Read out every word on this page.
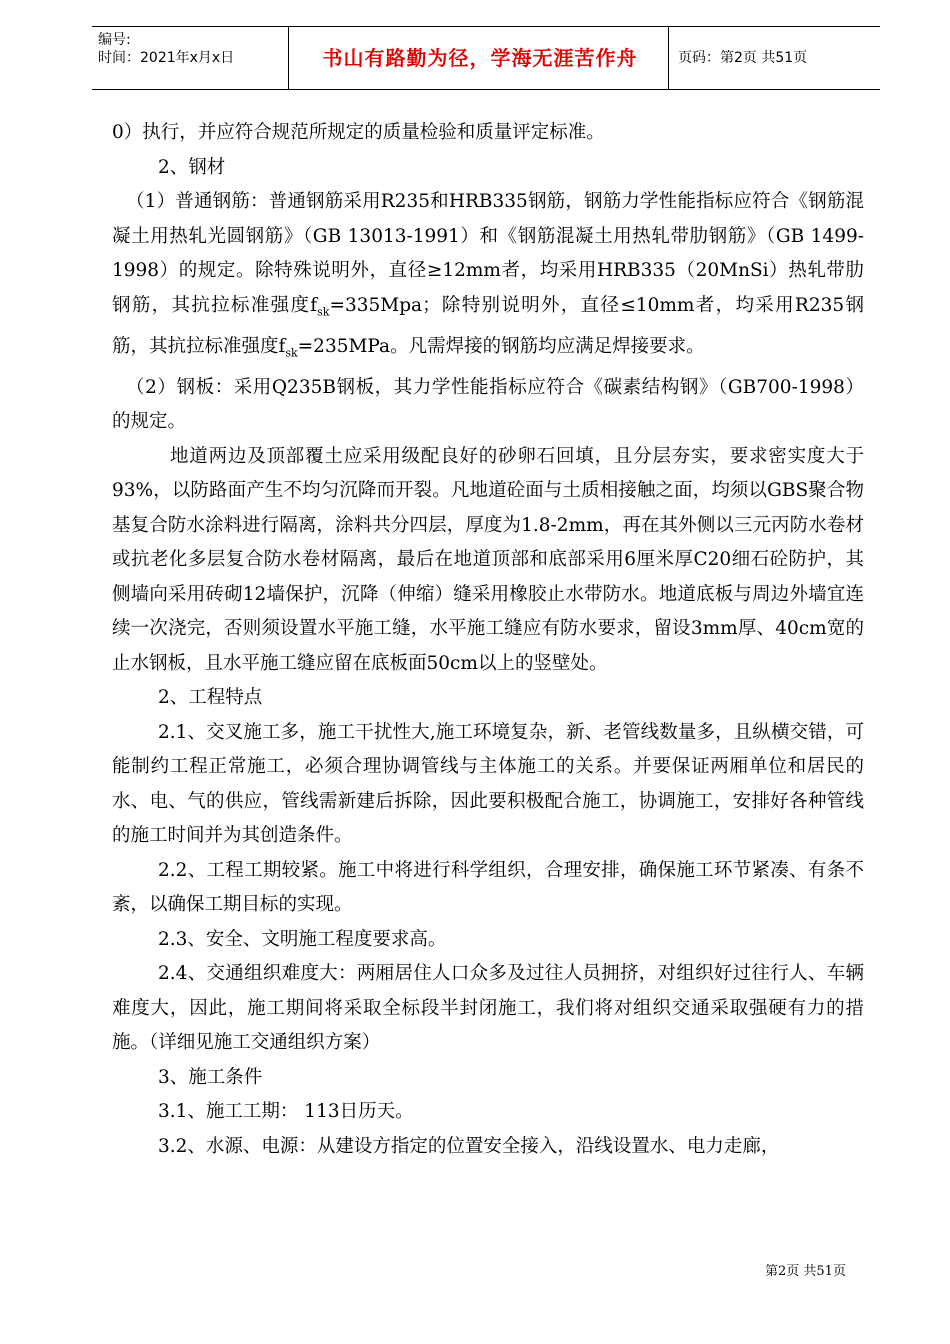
编号:
时间：2021年x月x日	书山有路勤为径，学海无涯苦作舟	页码：第2页 共51页

0）执行，并应符合规范所规定的质量检验和质量评定标准。

2、钢材

（1）普通钢筋：普通钢筋采用R235和HRB335钢筋，钢筋力学性能指标应符合《钢筋混凝土用热轧光圆钢筋》（GB 13013-1991）和《钢筋混凝土用热轧带肋钢筋》（GB 1499-1998）的规定。除特殊说明外，直径≥12mm者，均采用HRB335（20MnSi）热轧带肋钢筋，其抗拉标准强度$f_{sk}=335Mpa$；除特别说明外，直径≤10mm者，均采用R235钢筋，其抗拉标准强度$f_{sk}=235MPa$。凡需焊接的钢筋均应满足焊接要求。

（2）钢板：采用Q235B钢板，其力学性能指标应符合《碳素结构钢》（GB700-1998）的规定。

地道两边及顶部覆土应采用级配良好的砂卵石回填，且分层夯实，要求密实度大于93%，以防路面产生不均匀沉降而开裂。凡地道砼面与土质相接触之面，均须以GBS聚合物基复合防水涂料进行隔离，涂料共分四层，厚度为1.8-2mm，再在其外侧以三元丙防水卷材或抗老化多层复合防水卷材隔离，最后在地道顶部和底部采用6厘米厚C20细石砼防护，其侧墙向采用砖砌12墙保护，沉降（伸缩）缝采用橡胶止水带防水。地道底板与周边外墙宜连续一次浇完，否则须设置水平施工缝，水平施工缝应有防水要求，留设3mm厚、40cm宽的止水钢板，且水平施工缝应留在底板面50cm以上的竖壁处。

2、工程特点

2.1、交叉施工多，施工干扰性大,施工环境复杂，新、老管线数量多，且纵横交错，可能制约工程正常施工，必须合理协调管线与主体施工的关系。并要保证两厢单位和居民的水、电、气的供应，管线需新建后拆除，因此要积极配合施工，协调施工，安排好各种管线的施工时间并为其创造条件。

2.2、工程工期较紧。施工中将进行科学组织，合理安排，确保施工环节紧凑、有条不紊，以确保工期目标的实现。

2.3、安全、文明施工程度要求高。

2.4、交通组织难度大：两厢居住人口众多及过往人员拥挤，对组织好过往行人、车辆难度大，因此，施工期间将采取全标段半封闭施工，我们将对组织交通采取强硬有力的措施。（详细见施工交通组织方案）

3、施工条件

3.1、施工工期： 113日历天。

3.2、水源、电源：从建设方指定的位置安全接入，沿线设置水、电力走廊，

第2页 共51页
